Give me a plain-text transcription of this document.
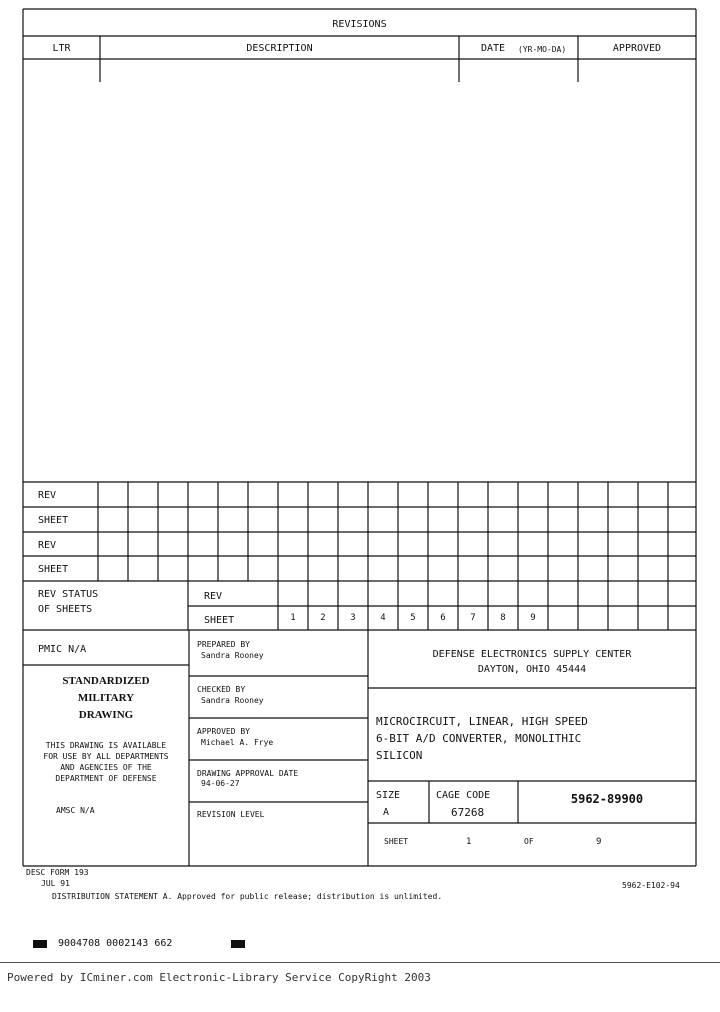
REVISIONS
LTR	DESCRIPTION	DATE (YR-MO-DA)	APPROVED
REV
SHEET
REV
SHEET
REV STATUS
OF SHEETS
REV
SHEET	1	2	3	4	5	6	7	8	9
PMIC N/A
STANDARDIZED
MILITARY
DRAWING
THIS DRAWING IS AVAILABLE
FOR USE BY ALL DEPARTMENTS
AND AGENCIES OF THE
DEPARTMENT OF DEFENSE
AMSC N/A
PREPARED BY
Sandra Rooney
CHECKED BY
Sandra Rooney
APPROVED BY
Michael A. Frye
DRAWING APPROVAL DATE
94-06-27
REVISION LEVEL
DEFENSE ELECTRONICS SUPPLY CENTER
DAYTON, OHIO 45444
MICROCIRCUIT, LINEAR, HIGH SPEED
6-BIT A/D CONVERTER, MONOLITHIC
SILICON
SIZE
A
CAGE CODE
67268
5962-89900
SHEET	1	OF	9
DESC FORM 193
JUL 91	5962-E102-94
DISTRIBUTION STATEMENT A. Approved for public release; distribution is unlimited.
9004708 0002143 662
Powered by ICminer.com Electronic-Library Service CopyRight 2003
